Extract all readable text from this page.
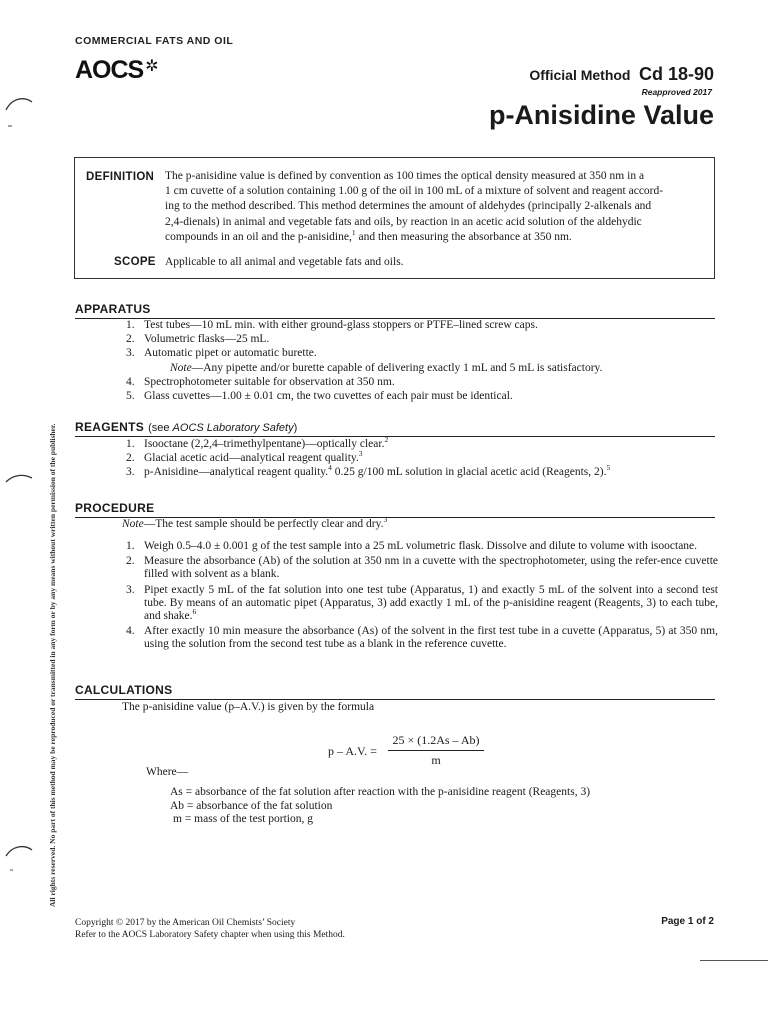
COMMERCIAL FATS AND OIL
AOCS ✲	Official Method Cd 18-90
Reapproved 2017
p-Anisidine Value
DEFINITION The p-anisidine value is defined by convention as 100 times the optical density measured at 350 nm in a
1 cm cuvette of a solution containing 1.00 g of the oil in 100 mL of a mixture of solvent and reagent accord-
ing to the method described. This method determines the amount of aldehydes (principally 2-alkenals and
2,4-dienals) in animal and vegetable fats and oils, by reaction in an acetic acid solution of the aldehydic
compounds in an oil and the p-anisidine,$^1$ and then measuring the absorbance at 350 nm.
SCOPE Applicable to all animal and vegetable fats and oils.
APPARATUS
1. Test tubes—10 mL min. with either ground-glass stoppers or PTFE–lined screw caps.
2. Volumetric flasks—25 mL.
3. Automatic pipet or automatic burette.
Note—Any pipette and/or burette capable of delivering exactly 1 mL and 5 mL is satisfactory.
4. Spectrophotometer suitable for observation at 350 nm.
5. Glass cuvettes—1.00 ± 0.01 cm, the two cuvettes of each pair must be identical.
REAGENTS (see AOCS Laboratory Safety)
1. Isooctane (2,2,4–trimethylpentane)—optically clear.$^2$
2. Glacial acetic acid—analytical reagent quality.$^3$
3. p-Anisidine—analytical reagent quality.$^4$ 0.25 g/100 mL solution in glacial acetic acid (Reagents, 2).$^5$
PROCEDURE
Note—The test sample should be perfectly clear and dry.$^3$
1. Weigh 0.5–4.0 ± 0.001 g of the test sample into a 25 mL volumetric flask. Dissolve and dilute to volume with isooctane.
2. Measure the absorbance (Ab) of the solution at 350 nm in a cuvette with the spectrophotometer, using the refer-ence cuvette filled with solvent as a blank.
3. Pipet exactly 5 mL of the fat solution into one test tube (Apparatus, 1) and exactly 5 mL of the solvent into a second test tube. By means of an automatic pipet (Apparatus, 3) add exactly 1 mL of the p-anisidine reagent (Reagents, 3) to each tube, and shake.$^6$
4. After exactly 10 min measure the absorbance (As) of the solvent in the first test tube in a cuvette (Apparatus, 5) at 350 nm, using the solution from the second test tube as a blank in the reference cuvette.
CALCULATIONS
The p-anisidine value (p–A.V.) is given by the formula
p – A.V. = $\frac{25 \times (1.2As - Ab)}{m}$
Where—
As = absorbance of the fat solution after reaction with the p-anisidine reagent (Reagents, 3)
Ab = absorbance of the fat solution
m = mass of the test portion, g
All rights reserved. No part of this method may be reproduced or transmitted in any form or by any means without written permission of the publisher.
Copyright © 2017 by the American Oil Chemists’ Society
Refer to the AOCS Laboratory Safety chapter when using this Method.
Page 1 of 2
